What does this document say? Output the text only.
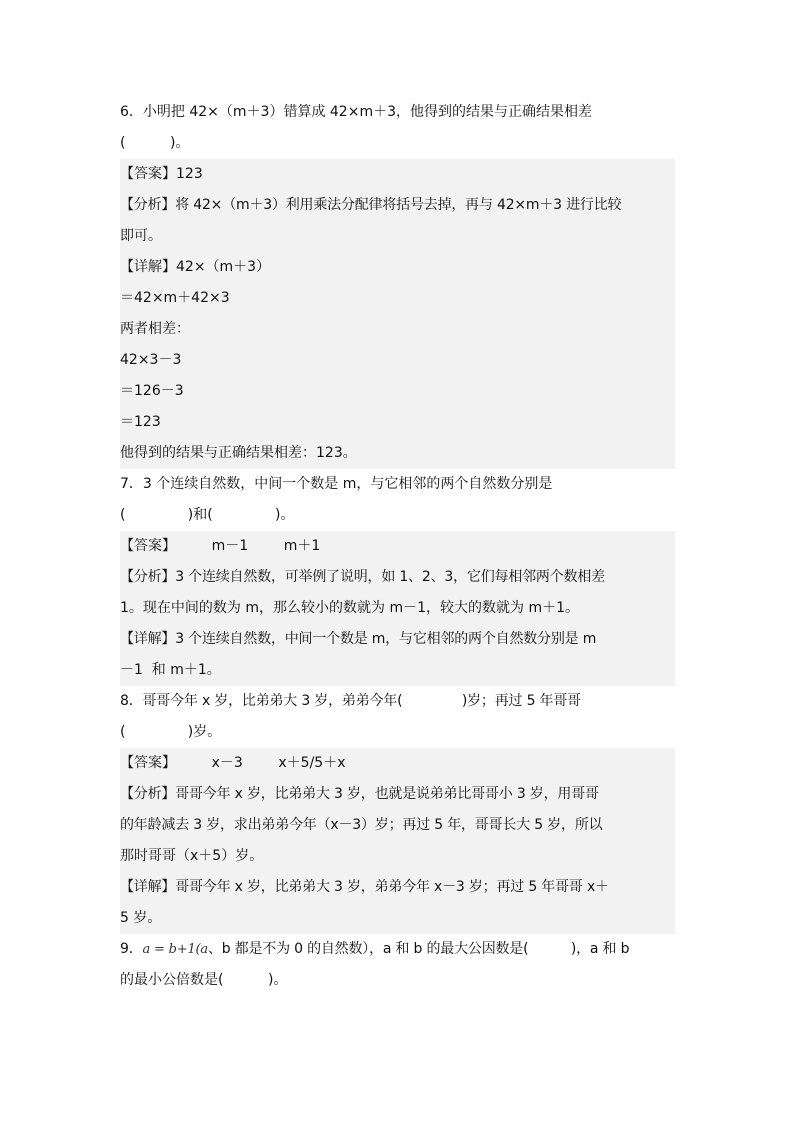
6．小明把 42×（m＋3）错算成 42×m＋3，他得到的结果与正确结果相差
(          )。
【答案】123
【分析】将 42×（m＋3）利用乘法分配律将括号去掉，再与 42×m＋3 进行比较
即可。
【详解】42×（m＋3）
＝42×m＋42×3
两者相差：
42×3－3
＝126－3
＝123
他得到的结果与正确结果相差：123。
7．3 个连续自然数，中间一个数是 m，与它相邻的两个自然数分别是
(              )和(              )。
【答案】        m－1        m＋1
【分析】3 个连续自然数，可举例了说明，如 1、2、3，它们每相邻两个数相差
1。现在中间的数为 m，那么较小的数就为 m－1，较大的数就为 m＋1。
【详解】3 个连续自然数，中间一个数是 m，与它相邻的两个自然数分别是 m
－1  和 m＋1。
8．哥哥今年 x 岁，比弟弟大 3 岁，弟弟今年(              )岁；再过 5 年哥哥
(              )岁。
【答案】        x－3        x＋5/5＋x
【分析】哥哥今年 x 岁，比弟弟大 3 岁，也就是说弟弟比哥哥小 3 岁，用哥哥
的年龄减去 3 岁，求出弟弟今年（x－3）岁；再过 5 年，哥哥长大 5 岁，所以
那时哥哥（x＋5）岁。
【详解】哥哥今年 x 岁，比弟弟大 3 岁，弟弟今年 x－3 岁；再过 5 年哥哥 x＋
5 岁。
9．a = b+1(a、b 都是不为 0 的自然数），a 和 b 的最大公因数是(          )，a 和 b
的最小公倍数是(          )。
